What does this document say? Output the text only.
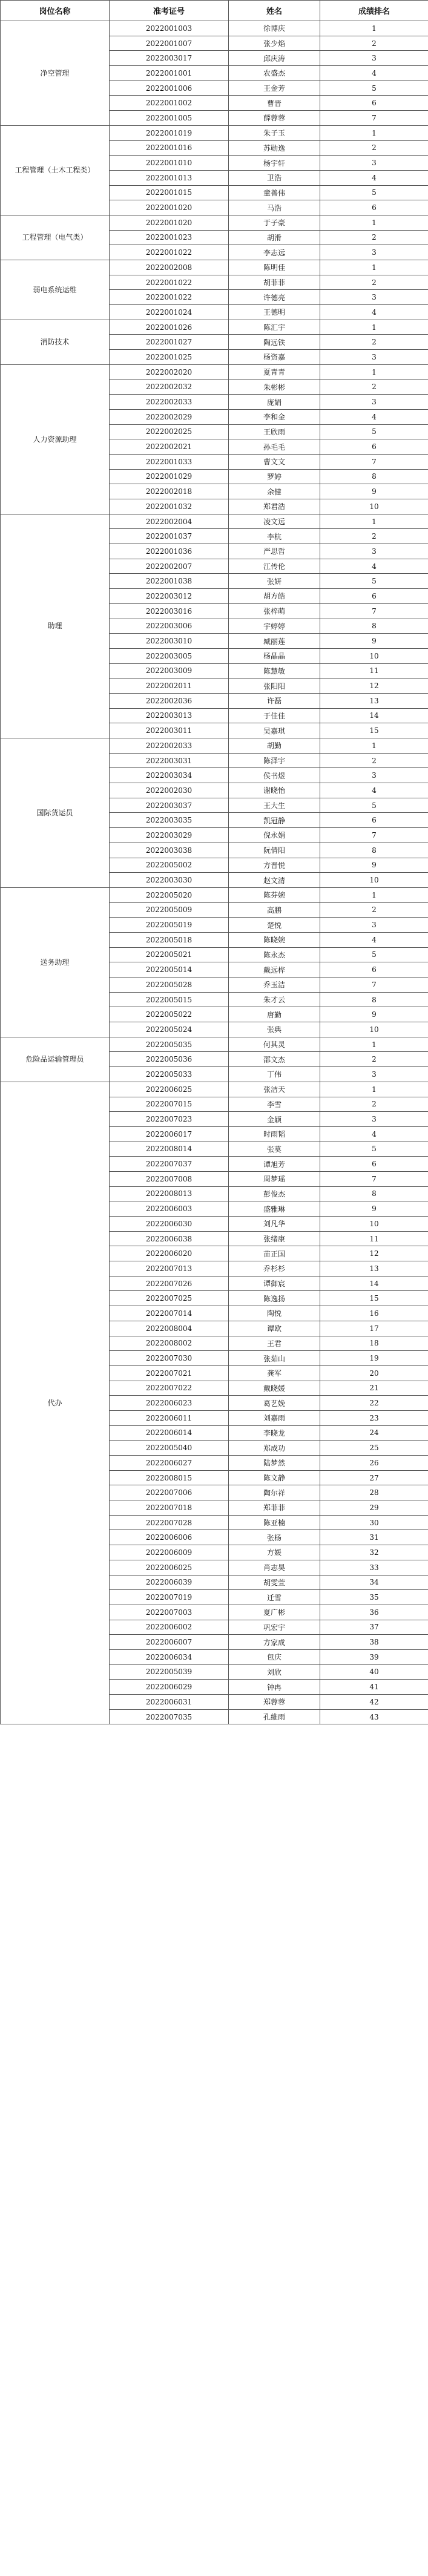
岗位名称	准考证号	姓名	成绩排名
净空管理	2022001003	徐博庆	1
	2022001007	张少焰	2
	2022003017	邱庆涛	3
	2022001001	农盛杰	4
	2022001006	王金芳	5
	2022001002	曹晋	6
	2022001005	薛蓉蓉	7
工程管理（土木工程类）	2022001019	朱子玉	1
	2022001016	苏勋逸	2
	2022001010	杨宇轩	3
	2022001013	卫浩	4
	2022001015	童善伟	5
	2022001020	马浩	6
工程管理（电气类）	2022001020	于子豪	1
	2022001023	胡滑	2
	2022001022	李志远	3
弱电系统运维	2022002008	陈明佳	1
	2022001022	胡菲菲	2
	2022001022	许德亮	3
	2022001024	王德明	4
消防技术	2022001026	陈汇宇	1
	2022001027	陶远铁	2
	2022001025	杨资嘉	3
人力资源助理	2022002020	夏青青	1
	2022002032	朱彬彬	2
	2022002033	庞娟	3
	2022002029	李和金	4
	2022002025	王欣雨	5
	2022002021	孙毛毛	6
	2022001033	曹文文	7
	2022001029	罗婷	8
	2022002018	余健	9
	2022001032	郑君浩	10
助理	2022002004	凌文远	1
	2022001037	李杭	2
	2022001036	严思哲	3
	2022002007	江传伦	4
	2022001038	张妍	5
	2022003012	胡方皓	6
	2022003016	张梓萌	7
	2022003006	宇婷婷	8
	2022003010	臧丽莲	9
	2022003005	杨晶晶	10
	2022003009	陈慧敏	11
	2022002011	张阳阳	12
	2022002036	许磊	13
	2022003013	于佳佳	14
	2022003011	吴嘉琪	15
国际货运员	2022002033	胡勤	1
	2022003031	陈泽宇	2
	2022003034	侯书煜	3
	2022002030	谢晓怡	4
	2022003037	王大生	5
	2022003035	凯冠静	6
	2022003029	倪永娟	7
	2022003038	阮倩阳	8
	2022005002	方晋悦	9
	2022003030	赵文清	10
送务助理	2022005020	陈芬婉	1
	2022005009	高鹏	2
	2022005019	楚悦	3
	2022005018	陈晓婉	4
	2022005021	陈永杰	5
	2022005014	戴远桦	6
	2022005028	乔玉洁	7
	2022005015	朱才云	8
	2022005022	唐勤	9
	2022005024	张典	10
危险品运输管理员	2022005035	何其灵	1
	2022005036	邵文杰	2
	2022005033	丁伟	3
代办	2022006025	张洁天	1
	2022007015	李雪	2
	2022007023	金颖	3
	2022006017	时雨韬	4
	2022008014	张莫	5
	2022007037	谭旭芳	6
	2022007008	周梦瑶	7
	2022008013	彭俊杰	8
	2022006003	盛雅琳	9
	2022006030	刘凡华	10
	2022006038	张绪康	11
	2022006020	苗正国	12
	2022007013	乔杉杉	13
	2022007026	谭御宸	14
	2022007025	陈逸扬	15
	2022007014	陶悦	16
	2022008004	谭欧	17
	2022008002	王君	18
	2022007030	张茹山	19
	2022007021	龚军	20
	2022007022	戴晓媛	21
	2022006023	葛艺娩	22
	2022006011	刘嘉雨	23
	2022006014	李晓龙	24
	2022005040	郑成功	25
	2022006027	陆梦然	26
	2022008015	陈文静	27
	2022007006	陶尔祥	28
	2022007018	郑菲菲	29
	2022007028	陈亚楠	30
	2022006006	张杨	31
	2022006009	方媛	32
	2022006025	肖志昊	33
	2022006039	胡雯萱	34
	2022007019	迁雪	35
	2022007003	夏广彬	36
	2022006002	巩宏宇	37
	2022006007	方家成	38
	2022006034	包庆	39
	2022005039	刘欣	40
	2022006029	钟冉	41
	2022006031	郑蓉蓉	42
	2022007035	孔維雨	43
